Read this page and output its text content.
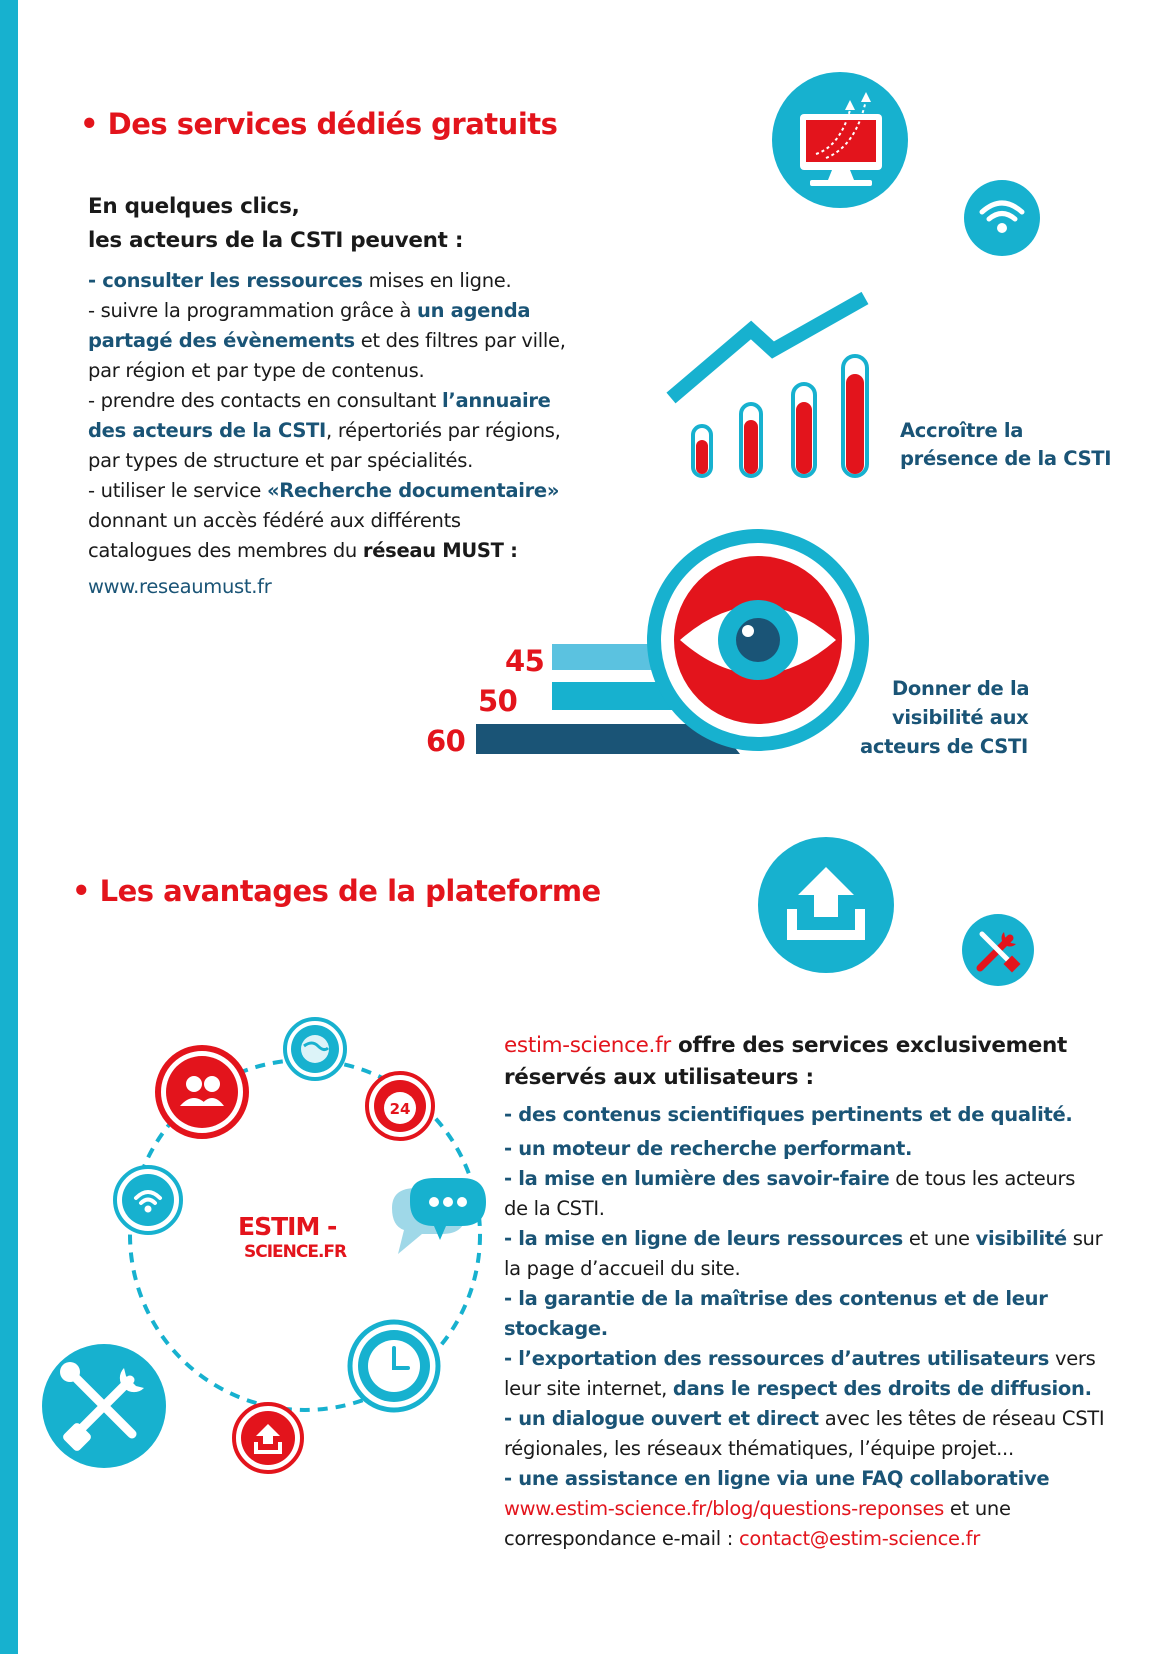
• Des services dédiés gratuits
En quelques clics,
les acteurs de la CSTI peuvent :
- consulter les ressources mises en ligne.
- suivre la programmation grâce à un agenda
partagé des évènements et des filtres par ville,
par région et par type de contenus.
- prendre des contacts en consultant l’annuaire
des acteurs de la CSTI, répertoriés par régions,
par types de structure et par spécialités.
- utiliser le service «Recherche documentaire»
donnant un accès fédéré aux différents
catalogues des membres du réseau MUST :
www.reseaumust.fr
Accroître la
présence de la CSTI
45
50
60
Donner de la
visibilité aux
acteurs de CSTI
• Les avantages de la plateforme
24
ESTIM -
SCIENCE.FR
estim-science.fr offre des services exclusivement
réservés aux utilisateurs :
- des contenus scientifiques pertinents et de qualité.
- un moteur de recherche performant.
- la mise en lumière des savoir-faire de tous les acteurs
de la CSTI.
- la mise en ligne de leurs ressources et une visibilité sur
la page d’accueil du site.
- la garantie de la maîtrise des contenus et de leur
stockage.
- l’exportation des ressources d’autres utilisateurs vers
leur site internet, dans le respect des droits de diffusion.
- un dialogue ouvert et direct avec les têtes de réseau CSTI
régionales, les réseaux thématiques, l’équipe projet...
- une assistance en ligne via une FAQ collaborative
www.estim-science.fr/blog/questions-reponses et une
correspondance e-mail : contact@estim-science.fr
